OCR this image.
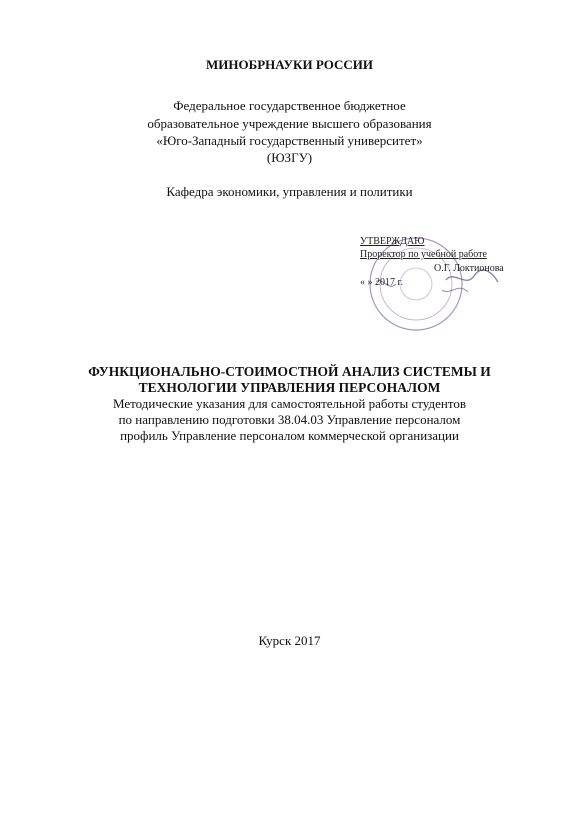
МИНОБРНАУКИ РОССИИ
Федеральное государственное бюджетное
образовательное учреждение высшего образования
«Юго-Западный государственный университет»
(ЮЗГУ)
Кафедра экономики, управления и политики
УТВЕРЖДАЮ
Проректор по учебной работе
О.Г. Локтионова
« » 2017 г.
ФУНКЦИОНАЛЬНО-СТОИМОСТНОЙ АНАЛИЗ СИСТЕМЫ И
ТЕХНОЛОГИИ УПРАВЛЕНИЯ ПЕРСОНАЛОМ
Методические указания для самостоятельной работы студентов
по направлению подготовки 38.04.03 Управление персоналом
профиль Управление персоналом коммерческой организации
Курск 2017
